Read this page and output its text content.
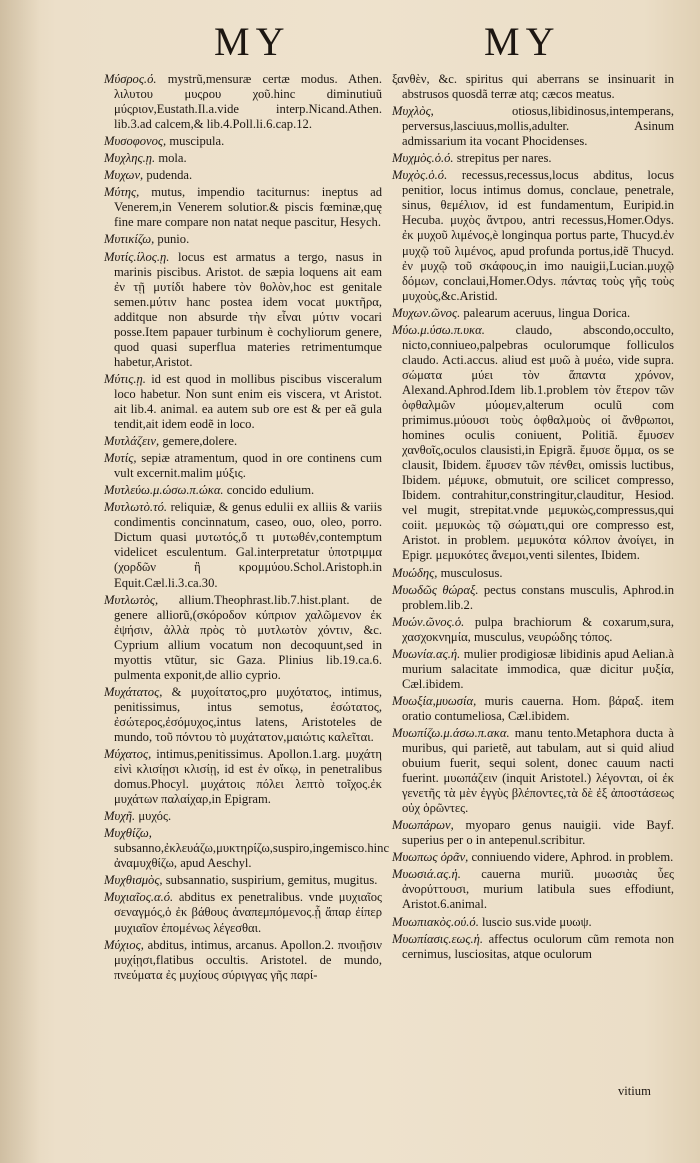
MY	MY

Μύσρος.ό. mystrũ,mensuræ certæ modus. Athen. λιλυτου μυςρου χοῦ.hinc diminutiuũ μύςριον,Eustath.Il.a.vide interp.Nicand.Athen. lib.3.ad calcem,& lib.4.Poll.li.6.cap.12.

Μυσοφονος, muscipula.

Μυχλης.ῃ. mola.

Μυχων, pudenda.

Μύτης, mutus, impendio taciturnus: ineptus ad Venerem,in Venerem solutior.& piscis fœminæ,quę fine mare compare non natat neque pascitur, Hesych.

Μυτικίζω, punio.

Μυτίς.ίλος.ῃ. locus est armatus a tergo, nasus in marinis piscibus. Aristot. de sæpia loquens ait eam ἐν τῇ μυτίδι habere τὸν θολὸν,hoc est genitale semen.μύτιν hanc postea idem vocat μυκτῆρα, additque non absurde τὴν εἶναι μύτιν vocari posse.Item papauer turbinum è cochyliorum genere, quod quasi superflua materies retrimentumque habetur,Aristot.

Μύτις.ῃ. id est quod in mollibus piscibus visceralum loco habetur. Non sunt enim eis viscera, vt Aristot. ait lib.4. animal. ea autem sub ore est & per eã gula tendit,ait idem eodẽ in loco.

Μυτλάζειν, gemere,dolere.

Μυτίς, sepiæ atramentum, quod in ore continens cum vult excernit.malim μύξις.

Μυτλεύω.μ.ώσω.π.ώκα. concido edulium.

Μυτλωτὸ.τό. reliquiæ, & genus edulii ex alliis & variis condimentis concinnatum, caseo, ouo, oleo, porro. Dictum quasi μυτωτός,ὅ τι μυτωθέν,contemptum videlicet esculentum. Gal.interpretatur ὑποτριμμα (χορδῶν ἢ κρομμύου.Schol.Aristoph.in Equit.Cæl.li.3.ca.30.

Μυτλωτὸς, allium.Theophrast.lib.7.hist.plant. de genere alliorũ,(σκόροδον κύπριον χαλῶμενον ἐκ ἐψήσιν, ἀλλὰ πρὸς τὸ μυτλωτὸν χόντιν, &c. Cyprium allium vocatum non decoquunt,sed in myottis vtũtur, sic Gaza. Plinius lib.19.ca.6. pulmenta exponit,de allio cyprio.

Μυχάτατος, & μυχοίτατος,pro μυχότατος, intimus, penitissimus, intus semotus, ἐσώτατος, ἐσώτερος,ἐσόμυχος,intus latens, Aristoteles de mundo, τοῦ πόντου τὸ μυχάτατον,μαιώτις καλεῖται.

Μύχατος, intimus,penitissimus. Apollon.1.arg. μυχάτη εἰνὶ κλισίῃσι κλισίῃ, id est ἐν οἴκῳ, in penetralibus domus.Phocyl. μυχάτοις πόλει λεπτὸ τοῖχος.ἐκ μυχάτων παλαίχαρ,in Epigram.

Μυχῆ. μυχός.

Μυχθίζω, subsanno,ἐκλευάζω,μυκτηρίζω,suspiro,ingemisco.hinc ἀναμυχθίζω, apud Aeschyl.

Μυχθισμὸς, subsannatio, suspirium, gemitus, mugitus.

Μυχιαῖος.α.ό. abditus ex penetralibus. vnde μυχιαῖος σεναγμός,ὁ ἐκ βάθους ἀναπεμπόμενος.ᾗ ἄπαρ ἐίπερ μυχιαῖον ἐπομένως λέγεσθαι.

Μύχιος, abditus, intimus, arcanus. Apollon.2. πνοιῇσιν μυχίῃσι,flatibus occultis. Aristotel. de mundo, πνεύματα ἐς μυχίους σύριγγας γῆς παρί-

ξανθὲν, &c. spiritus qui aberrans se insinuarit in abstrusos quosdã terræ atq; cæcos meatus.

Μυχλὸς,	otiosus,libidinosus,intemperans, perversus,lasciuus,mollis,adulter. Asinum admissarium ita vocant Phocidenses.

Μυχμὸς.ὁ.ό. strepitus per nares.

Μυχὸς.ὁ.ό. recessus,recessus,locus abditus, locus penitior, locus intimus domus, conclaue, penetrale, sinus, θεμέλιον, id est fundamentum, Euripid.in Hecuba. μυχὸς ἄντρου, antri recessus,Homer.Odys. ἐκ μυχοῦ λιμένος,è longinqua portus parte, Thucyd.ἐν μυχῷ τοῦ λιμένος, apud profunda portus,idẽ Thucyd. ἐν μυχῷ τοῦ σκάφους,in imo nauigii,Lucian.μυχῷ δόμων, conclaui,Homer.Odys. πάντας τοὺς γῆς τοὺς μυχοὺς,&c.Aristid.

Μυχων.ῶνος. palearum aceruus, lingua Dorica.

Μύω.μ.ύσω.π.υκα. claudo, abscondo,occulto, nicto,conniueo,palpebras oculorumque folliculos claudo. Acti.accus. aliud est μυῶ à μυέω, vide supra. σώματα μύει τὸν ἅπαντα χρόνον, Alexand.Aphrod.Idem lib.1.problem τὸν ἕτερον τῶν ὀφθαλμῶν μύομεν,alterum oculũ com primimus.μύουσι τοὺς ὀφθαλμοὺς οἱ ἄνθρωποι, homines oculis coniuent, Politiã. ἔμυσεν χανθοῖς,oculos clausisti,in Epigrã. ἔμυσε ὄμμα, os se clausit, Ibidem. ἔμυσεν τῶν πένθει, omissis luctibus, Ibidem. μέμυκε, obmutuit, ore scilicet compresso, Ibidem. contrahitur,constringitur,clauditur, Hesiod. vel mugit, strepitat.vnde μεμυκὼς,compressus,qui coiit. μεμυκὼς τῷ σώματι,qui ore compresso est, Aristot. in problem. μεμυκότα κόλπον ἀνοίγει, in Epigr. μεμυκότες ἄνεμοι,venti silentes, Ibidem.

Μυώδης, musculosus.

Μυωδῶς θώραξ. pectus constans musculis, Aphrod.in problem.lib.2.

Μυών.ῶνος.ὁ. pulpa brachiorum & coxarum,sura, χασχοκνημία, musculus, νευρώδης τόπος.

Μυωνία.ας.ἡ. mulier prodigiosæ libidinis apud Aelian.à murium salacitate immodica, quæ dicitur μυξία, Cæl.ibidem.

Μυωξία,μυωσία, muris cauerna. Hom. βάραξ. item oratio contumeliosa, Cæl.ibidem.

Μυωπίζω.μ.άσω.π.ακα. manu tento.Metaphora ducta à muribus, qui parietẽ, aut tabulam, aut si quid aliud obuium fuerit, sequi solent, donec cauum nacti fuerint. μυωπάζειν (inquit Aristotel.) λέγονται, οἱ ἐκ γενετῆς τὰ μὲν ἐγγὺς βλέποντες,τὰ δὲ ἐξ ἀποστάσεως οὐχ ὁρῶντες.

Μυωπάρων, myoparo genus nauigii. vide Bayf. superius per o in antepenul.scribitur.

Μυωπως ὁρᾶν, conniuendo videre, Aphrod. in problem.

Μυωσιά.ας.ἡ. cauerna muriũ. μυωσιὰς ὗες ἀνορύττουσι, murium latibula sues effodiunt, Aristot.6.animal.

Μυωπιακὸς.ού.ό. luscio sus.vide μυωψ.

Μυωπίασις.εως.ἡ. affectus oculorum cũm remota non cernimus, lusciositas, atque oculorum

vitium
